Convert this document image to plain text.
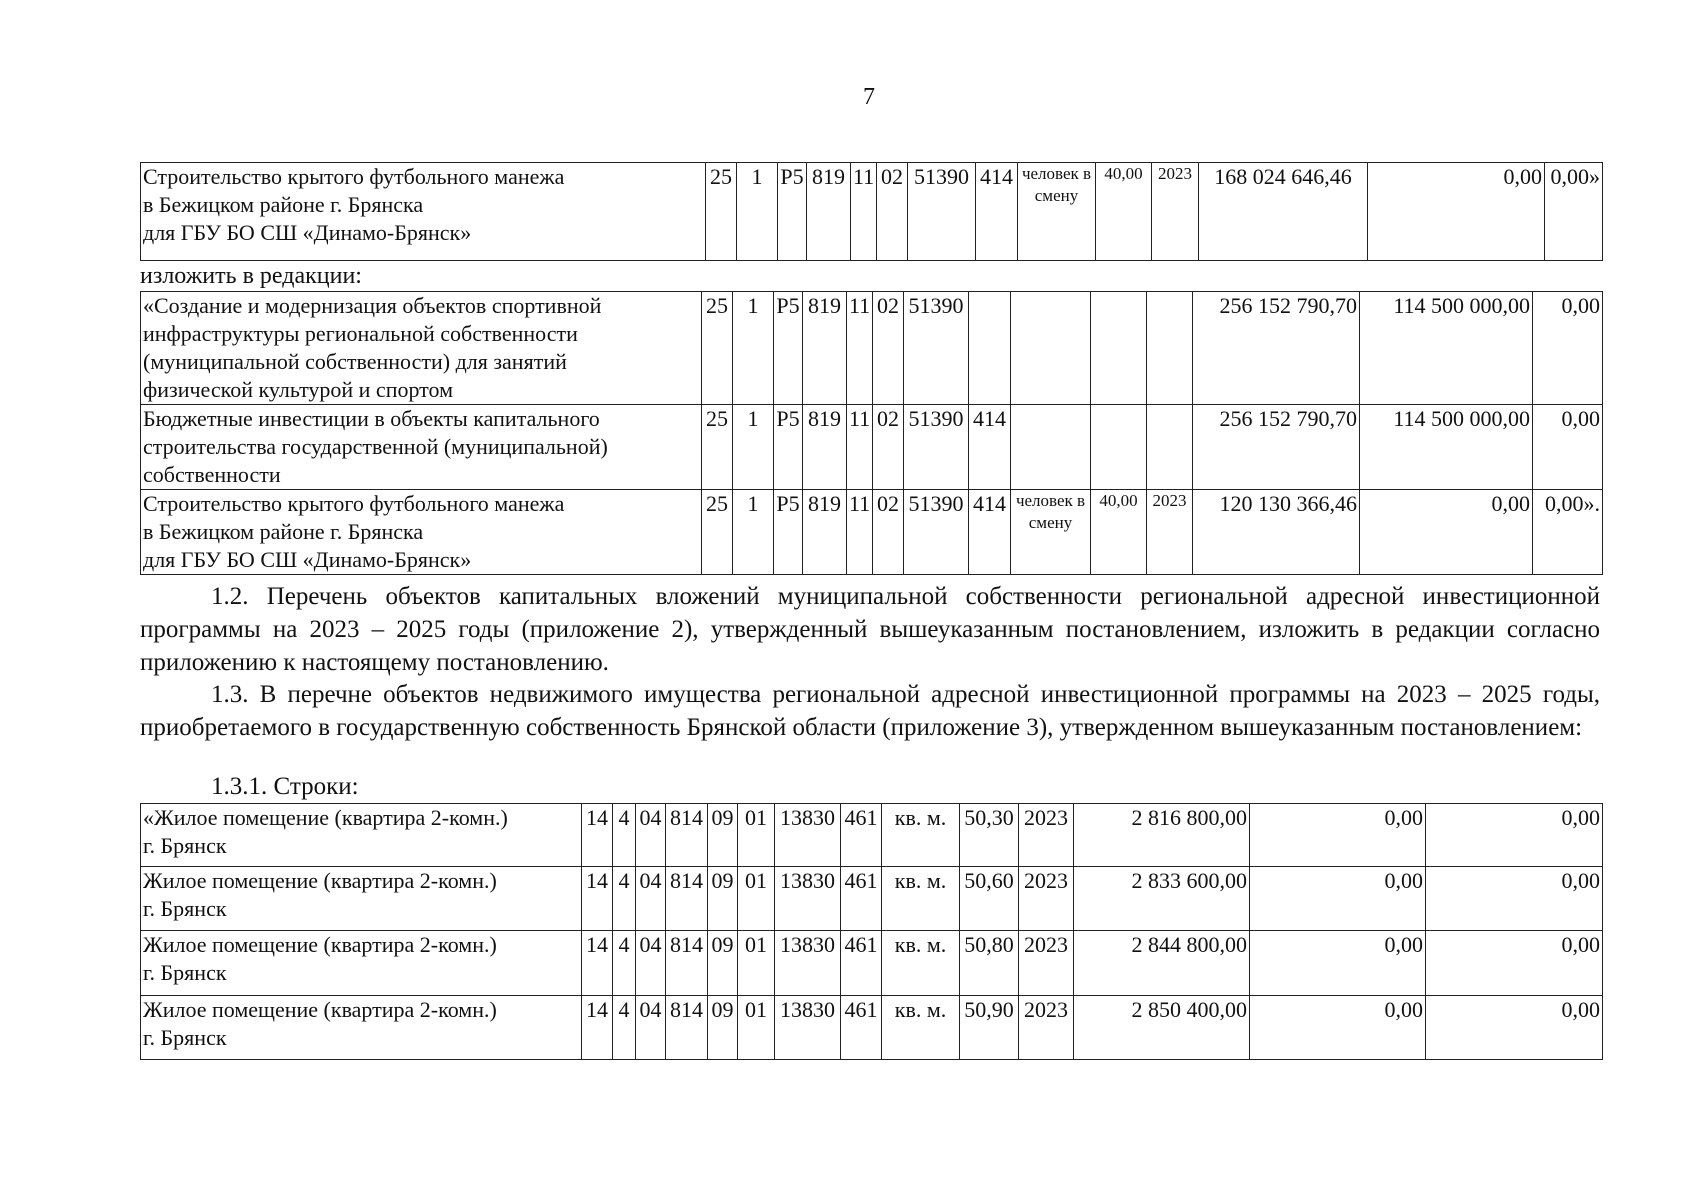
7
Строительство крытого футбольного манежа
в Бежицком районе г. Брянска
для ГБУ БО СШ «Динамо-Брянск»
	25	1	Р5	819	11	02	51390	414	человек в смену	40,00	2023	168 024 646,46	0,00	0,00»
изложить в редакции:
«Создание и модернизация объектов спортивной
инфраструктуры региональной собственности
(муниципальной собственности) для занятий
физической культурой и спортом	25	1	Р5	819	11	02	51390					256 152 790,70	114 500 000,00	0,00

Бюджетные инвестиции в объекты капитального
строительства государственной (муниципальной)
собственности	25	1	Р5	819	11	02	51390	414				256 152 790,70	114 500 000,00	0,00

Строительство крытого футбольного манежа
в Бежицком районе г. Брянска
для ГБУ БО СШ «Динамо-Брянск»	25	1	Р5	819	11	02	51390	414	человек в смену	40,00	2023	120 130 366,46	0,00	0,00».
1.2. Перечень объектов капитальных вложений муниципальной собственности региональной адресной инвестиционной программы на 2023 – 2025 годы (приложение 2), утвержденный вышеуказанным постановлением, изложить в редакции согласно приложению к настоящему постановлению.
1.3. В перечне объектов недвижимого имущества региональной адресной инвестиционной программы на 2023 – 2025 годы, приобретаемого в государственную собственность Брянской области (приложение 3), утвержденном вышеуказанным постановлением:
1.3.1. Строки:
«Жилое помещение (квартира 2-комн.)
г. Брянск	14	4	04	814	09	01	13830	461	кв. м.	50,30	2023	2 816 800,00	0,00	0,00

Жилое помещение (квартира 2-комн.)
г. Брянск	14	4	04	814	09	01	13830	461	кв. м.	50,60	2023	2 833 600,00	0,00	0,00

Жилое помещение (квартира 2-комн.)
г. Брянск	14	4	04	814	09	01	13830	461	кв. м.	50,80	2023	2 844 800,00	0,00	0,00

Жилое помещение (квартира 2-комн.)
г. Брянск	14	4	04	814	09	01	13830	461	кв. м.	50,90	2023	2 850 400,00	0,00	0,00
